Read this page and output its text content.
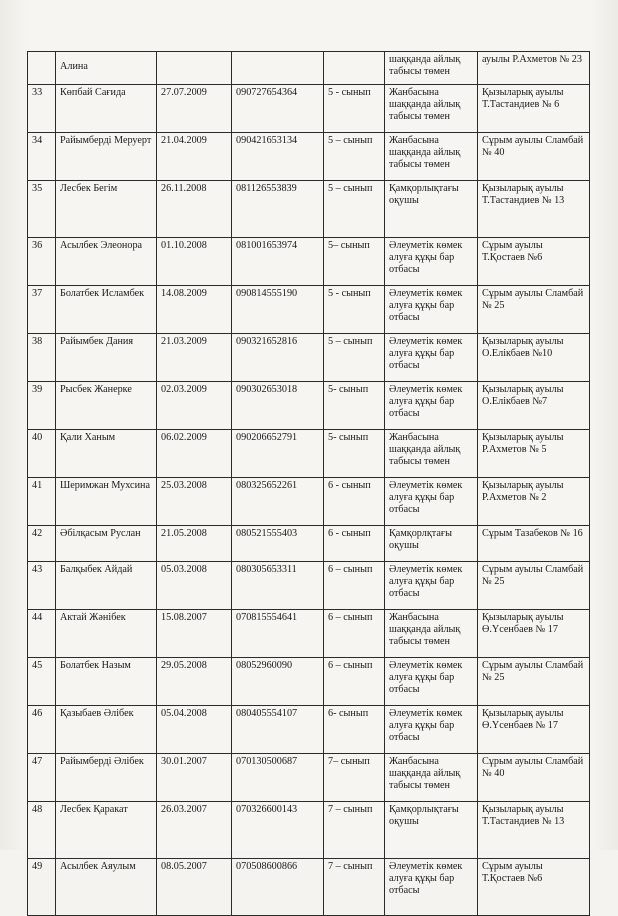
	Алина				шаққанда айлық табысы төмен	ауылы Р.Ахметов № 23
33	Көпбай Сағида	27.07.2009	090727654364	5 - сынып	Жанбасына шаққанда айлық табысы төмен	Қызыларық ауылы Т.Тастандиев № 6
34	Райымберді Меруерт	21.04.2009	090421653134	5 – сынып	Жанбасына шаққанда айлық табысы төмен	Сұрым ауылы Сламбай № 40
35	Лесбек Бегім	26.11.2008	081126553839	5 – сынып	Қамқорлықтағы оқушы	Қызыларық ауылы Т.Тастандиев № 13
36	Асылбек Элеонора	01.10.2008	081001653974	5– сынып	Әлеуметік көмек алуға құқы бар отбасы	Сұрым ауылы Т.Қостаев №6
37	Болатбек Исламбек	14.08.2009	090814555190	5 - сынып	Әлеуметік көмек алуға құқы бар отбасы	Сұрым ауылы Сламбай № 25
38	Райымбек Дания	21.03.2009	090321652816	5 – сынып	Әлеуметік көмек алуға құқы бар отбасы	Қызыларық ауылы О.Елікбаев №10
39	Рысбек Жанерке	02.03.2009	090302653018	5- сынып	Әлеуметік көмек алуға құқы бар отбасы	Қызыларық ауылы О.Елікбаев №7
40	Қали Ханым	06.02.2009	090206652791	5- сынып	Жанбасына шаққанда айлық табысы төмен	Қызыларық ауылы Р.Ахметов № 5
41	Шеримжан Мухсина	25.03.2008	080325652261	6 - сынып	Әлеуметік көмек алуға құқы бар отбасы	Қызыларық ауылы Р.Ахметов № 2
42	Әбілқасым Руслан	21.05.2008	080521555403	6 - сынып	Қамқорлқтағы оқушы	Сұрым Тазабеков № 16
43	Балқыбек Айдай	05.03.2008	080305653311	6 – сынып	Әлеуметік көмек алуға құқы бар отбасы	Сұрым ауылы Сламбай № 25
44	Актай Жәнібек	15.08.2007	070815554641	6 – сынып	Жанбасына шаққанда айлық табысы төмен	Қызыларық ауылы Ө.Үсенбаев № 17
45	Болатбек Назым	29.05.2008	08052960090	6 – сынып	Әлеуметік көмек алуға құқы бар отбасы	Сұрым ауылы Сламбай № 25
46	Қазыбаев Әлібек	05.04.2008	080405554107	6- сынып	Әлеуметік көмек алуға құқы бар отбасы	Қызыларық ауылы Ө.Үсенбаев № 17
47	Райымберді Әлібек	30.01.2007	070130500687	7– сынып	Жанбасына шаққанда айлық табысы төмен	Сұрым ауылы Сламбай № 40
48	Лесбек Қаракат	26.03.2007	070326600143	7 – сынып	Қамқорлықтағы оқушы	Қызыларық ауылы Т.Тастандиев № 13
49	Асылбек Аяулым	08.05.2007	070508600866	7 – сынып	Әлеуметік көмек алуға құқы бар отбасы	Сұрым ауылы Т.Қостаев №6
